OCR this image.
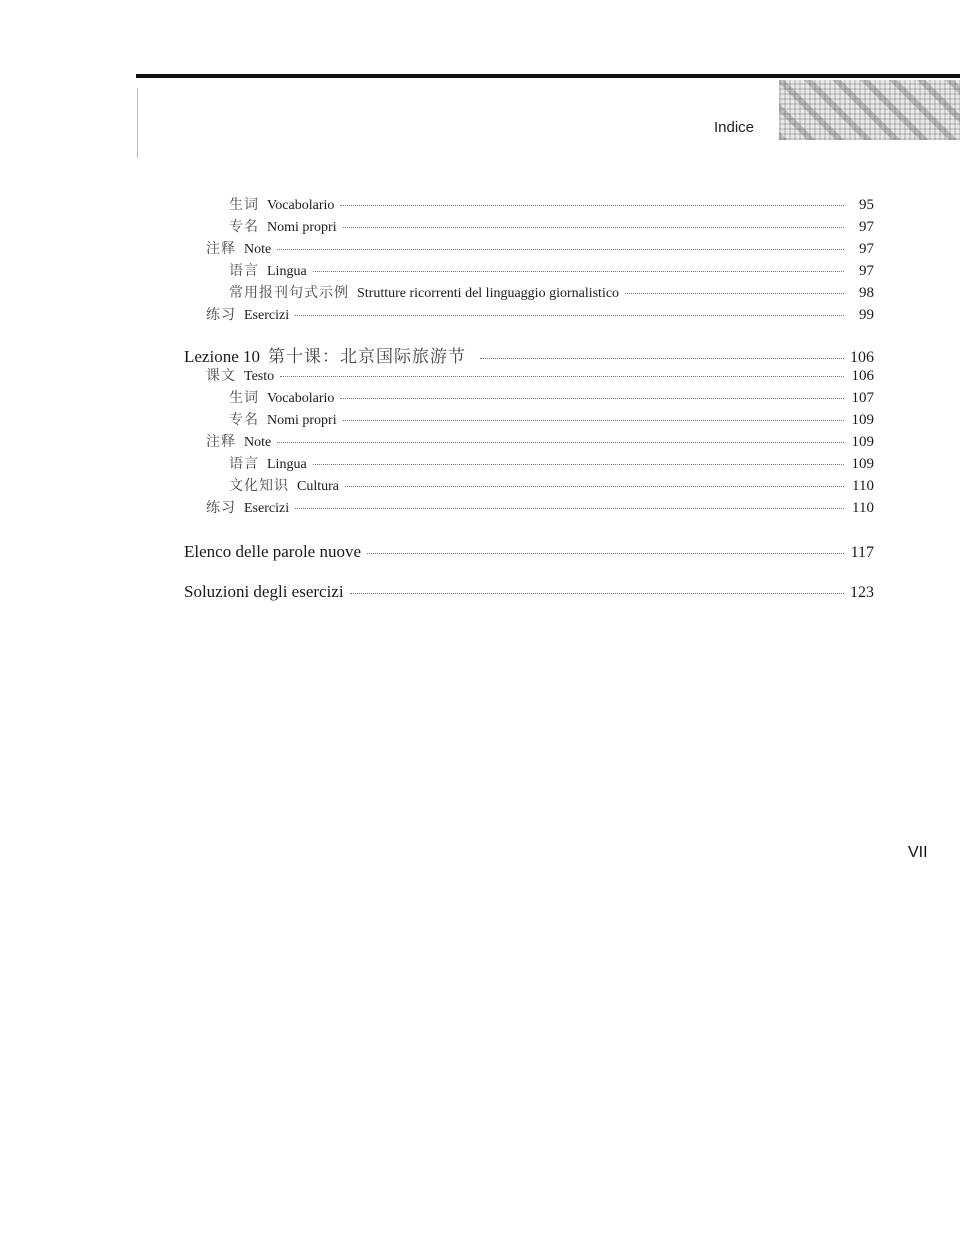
Indice
生词 Vocabolario	95
专名 Nomi propri	97
注释 Note	97
语言 Lingua	97
常用报刊句式示例 Strutture ricorrenti del linguaggio giornalistico	98
练习 Esercizi	99
Lezione 10 第十课：北京国际旅游节	106
课文 Testo	106
生词 Vocabolario	107
专名 Nomi propri	109
注释 Note	109
语言 Lingua	109
文化知识 Cultura	110
练习 Esercizi	110
Elenco delle parole nuove	117
Soluzioni degli esercizi	123
VII
